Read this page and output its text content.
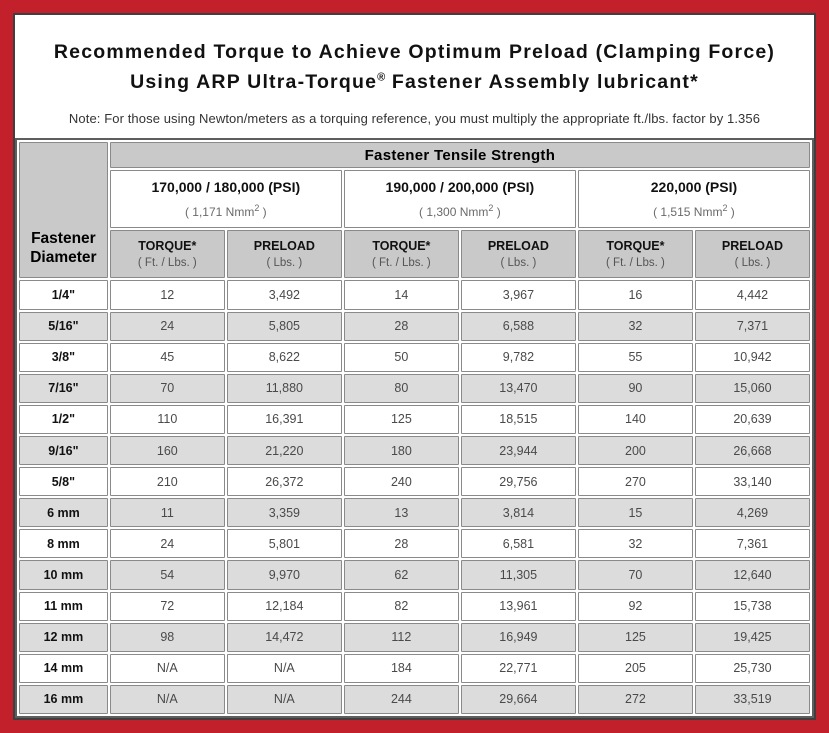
Recommended Torque to Achieve Optimum Preload (Clamping Force)
Using ARP Ultra-Torque® Fastener Assembly lubricant*
Note: For those using Newton/meters as a torquing reference, you must multiply the appropriate ft./lbs. factor by 1.356
Fastener Diameter	Fastener Tensile Strength					

170,000 / 180,000 (PSI)
( 1,171 Nmm$^2$ )

190,000 / 200,000 (PSI)
( 1,300 Nmm$^2$ )

220,000 (PSI)
( 1,515 Nmm$^2$ )

TORQUE*
( Ft. / Lbs. )

PRELOAD
( Lbs. )

TORQUE*
( Ft. / Lbs. )

PRELOAD
( Lbs. )

TORQUE*
( Ft. / Lbs. )

PRELOAD
( Lbs. )

1/4"	12	3,492	14	3,967	16	4,442
5/16"	24	5,805	28	6,588	32	7,371
3/8"	45	8,622	50	9,782	55	10,942
7/16"	70	11,880	80	13,470	90	15,060
1/2"	110	16,391	125	18,515	140	20,639
9/16"	160	21,220	180	23,944	200	26,668
5/8"	210	26,372	240	29,756	270	33,140
6 mm	11	3,359	13	3,814	15	4,269
8 mm	24	5,801	28	6,581	32	7,361
10 mm	54	9,970	62	11,305	70	12,640
11 mm	72	12,184	82	13,961	92	15,738
12 mm	98	14,472	112	16,949	125	19,425
14 mm	N/A	N/A	184	22,771	205	25,730
16 mm	N/A	N/A	244	29,664	272	33,519
